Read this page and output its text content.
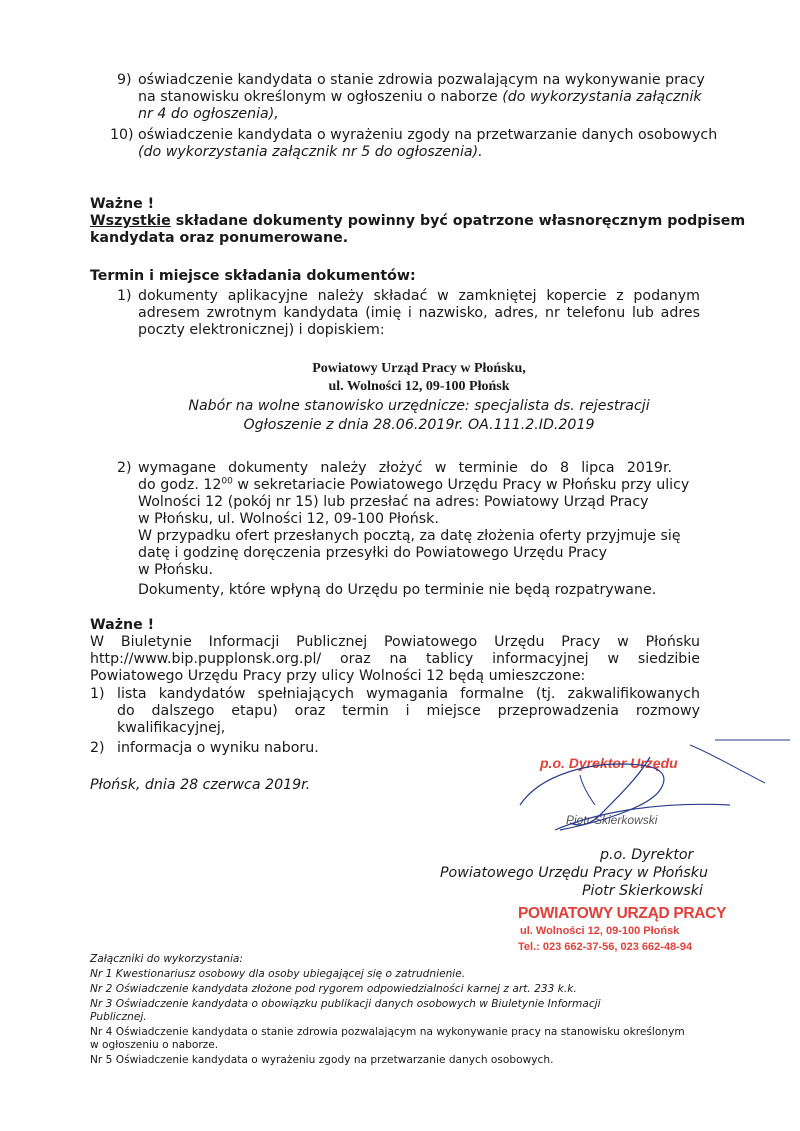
9) oświadczenie kandydata o stanie zdrowia pozwalającym na wykonywanie pracy
na stanowisku określonym w ogłoszeniu o naborze (do wykorzystania załącznik
nr 4 do ogłoszenia),
10) oświadczenie kandydata o wyrażeniu zgody na przetwarzanie danych osobowych
(do wykorzystania załącznik nr 5 do ogłoszenia).
Ważne !
Wszystkie składane dokumenty powinny być opatrzone własnoręcznym podpisem
kandydata oraz ponumerowane.
Termin i miejsce składania dokumentów:
1) dokumenty aplikacyjne należy składać w zamkniętej kopercie z podanym
adresem zwrotnym kandydata (imię i nazwisko, adres, nr telefonu lub adres
poczty elektronicznej) i dopiskiem:
Powiatowy Urząd Pracy w Płońsku,
ul. Wolności 12, 09-100 Płońsk
Nabór na wolne stanowisko urzędnicze: specjalista ds. rejestracji
Ogłoszenie z dnia 28.06.2019r. OA.111.2.ID.2019
2) wymagane dokumenty należy złożyć w terminie do 8 lipca 2019r.
do godz. $12^{00}$ w sekretariacie Powiatowego Urzędu Pracy w Płońsku przy ulicy
Wolności 12 (pokój nr 15) lub przesłać na adres: Powiatowy Urząd Pracy
w Płońsku, ul. Wolności 12, 09-100 Płońsk.
W przypadku ofert przesłanych pocztą, za datę złożenia oferty przyjmuje się
datę i godzinę doręczenia przesyłki do Powiatowego Urzędu Pracy
w Płońsku.
Dokumenty, które wpłyną do Urzędu po terminie nie będą rozpatrywane.
Ważne !
W Biuletynie Informacji Publicznej Powiatowego Urzędu Pracy w Płońsku
http://www.bip.pupplonsk.org.pl/ oraz na tablicy informacyjnej w siedzibie
Powiatowego Urzędu Pracy przy ulicy Wolności 12 będą umieszczone:
1) lista kandydatów spełniających wymagania formalne (tj. zakwalifikowanych
do dalszego etapu) oraz termin i miejsce przeprowadzenia rozmowy
kwalifikacyjnej,
2) informacja o wyniku naboru.
Płońsk, dnia 28 czerwca 2019r.
p.o. Dyrektor Urzędu
Piotr Skierkowski
p.o. Dyrektor
Powiatowego Urzędu Pracy w Płońsku
Piotr Skierkowski
POWIATOWY URZĄD PRACY
ul. Wolności 12, 09-100 Płońsk
Tel.: 023 662-37-56, 023 662-48-94
Załączniki do wykorzystania:
Nr 1 Kwestionariusz osobowy dla osoby ubiegającej się o zatrudnienie.
Nr 2 Oświadczenie kandydata złożone pod rygorem odpowiedzialności karnej z art. 233 k.k.
Nr 3 Oświadczenie kandydata o obowiązku publikacji danych osobowych w Biuletynie Informacji
Publicznej.
Nr 4 Oświadczenie kandydata o stanie zdrowia pozwalającym na wykonywanie pracy na stanowisku określonym
w ogłoszeniu o naborze.
Nr 5 Oświadczenie kandydata o wyrażeniu zgody na przetwarzanie danych osobowych.
